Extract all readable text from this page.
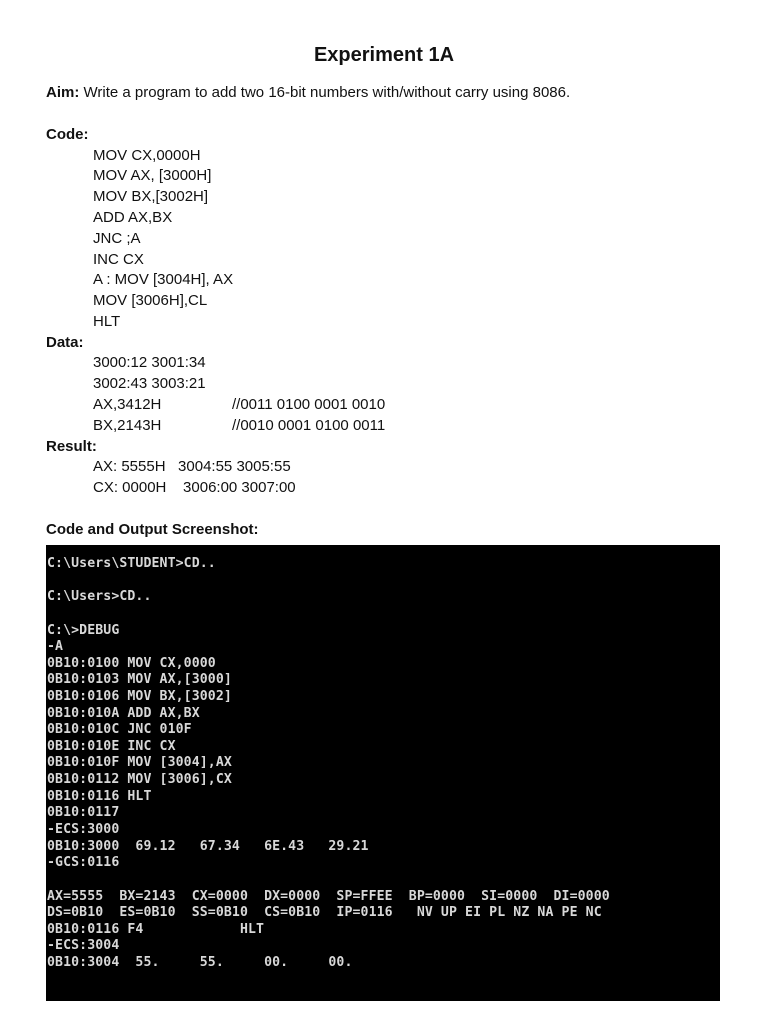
Experiment 1A
Aim: Write a program to add two 16-bit numbers with/without carry using 8086.
Code:
MOV CX,0000H
MOV AX, [3000H]
MOV BX,[3002H]
ADD AX,BX
JNC ;A
INC CX
A : MOV [3004H], AX
MOV [3006H],CL
HLT
Data:
3000:12 3001:34
3002:43 3003:21
AX,3412H	//0011 0100 0001 0010
BX,2143H	//0010 0001 0100 0011
Result:
AX: 5555H   3004:55 3005:55
CX: 0000H    3006:00 3007:00
Code and Output Screenshot:
C:\Users\STUDENT>CD..
C:\Users>CD..
C:\>DEBUG
-A
0B10:0100 MOV CX,0000
0B10:0103 MOV AX,[3000]
0B10:0106 MOV BX,[3002]
0B10:010A ADD AX,BX
0B10:010C JNC 010F
0B10:010E INC CX
0B10:010F MOV [3004],AX
0B10:0112 MOV [3006],CX
0B10:0116 HLT
0B10:0117
-ECS:3000
0B10:3000  69.12   67.34   6E.43   29.21
-GCS:0116
AX=5555  BX=2143  CX=0000  DX=0000  SP=FFEE  BP=0000  SI=0000  DI=0000
DS=0B10  ES=0B10  SS=0B10  CS=0B10  IP=0116   NV UP EI PL NZ NA PE NC
0B10:0116 F4            HLT
-ECS:3004
0B10:3004  55.     55.     00.     00.
